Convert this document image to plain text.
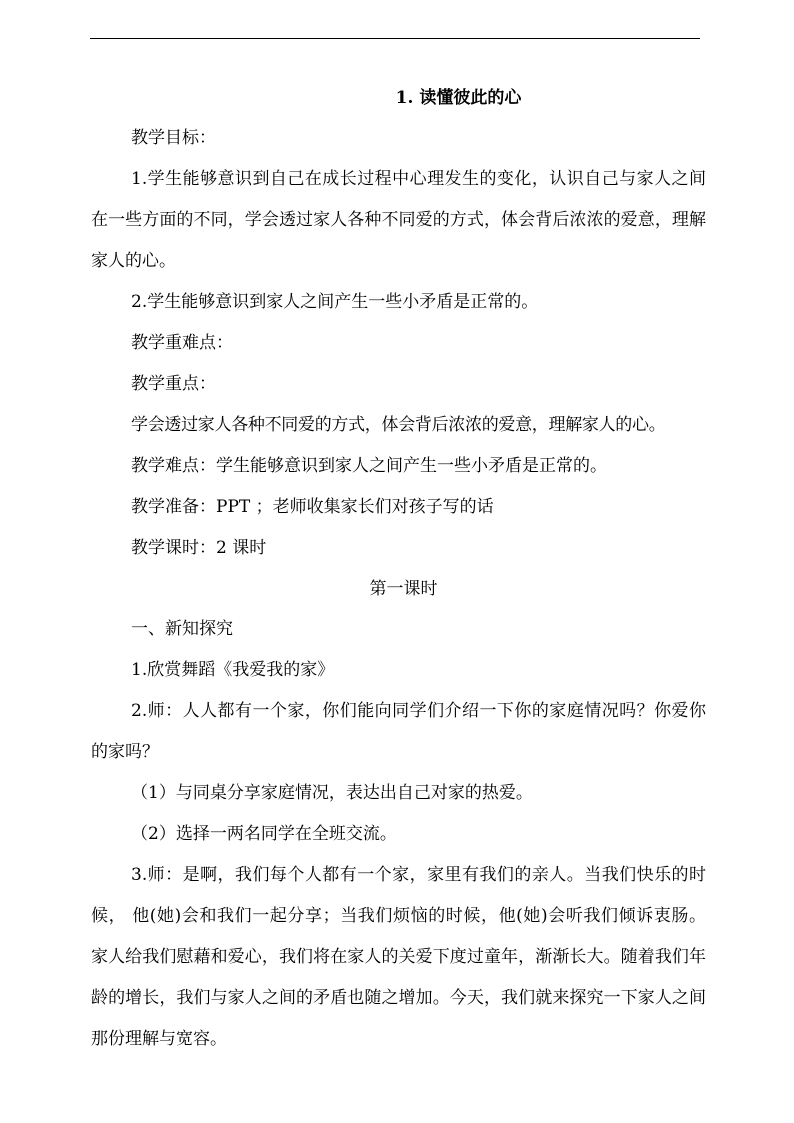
1. 读懂彼此的心

教学目标：

1.学生能够意识到自己在成长过程中心理发生的变化，认识自己与家人之间在一些方面的不同，学会透过家人各种不同爱的方式，体会背后浓浓的爱意，理解家人的心。

2.学生能够意识到家人之间产生一些小矛盾是正常的。

教学重难点：

教学重点：

学会透过家人各种不同爱的方式，体会背后浓浓的爱意，理解家人的心。

教学难点：学生能够意识到家人之间产生一些小矛盾是正常的。

教学准备：PPT ；老师收集家长们对孩子写的话

教学课时：2 课时

第一课时

一、新知探究

1.欣赏舞蹈《我爱我的家》

2.师：人人都有一个家，你们能向同学们介绍一下你的家庭情况吗？你爱你的家吗？

（1）与同桌分享家庭情况，表达出自己对家的热爱。

（2）选择一两名同学在全班交流。

3.师：是啊，我们每个人都有一个家，家里有我们的亲人。当我们快乐的时候， 他(她)会和我们一起分享；当我们烦恼的时候，他(她)会听我们倾诉衷肠。 家人给我们慰藉和爱心，我们将在家人的关爱下度过童年，渐渐长大。随着我们年龄的增长，我们与家人之间的矛盾也随之增加。今天，我们就来探究一下家人之间那份理解与宽容。
